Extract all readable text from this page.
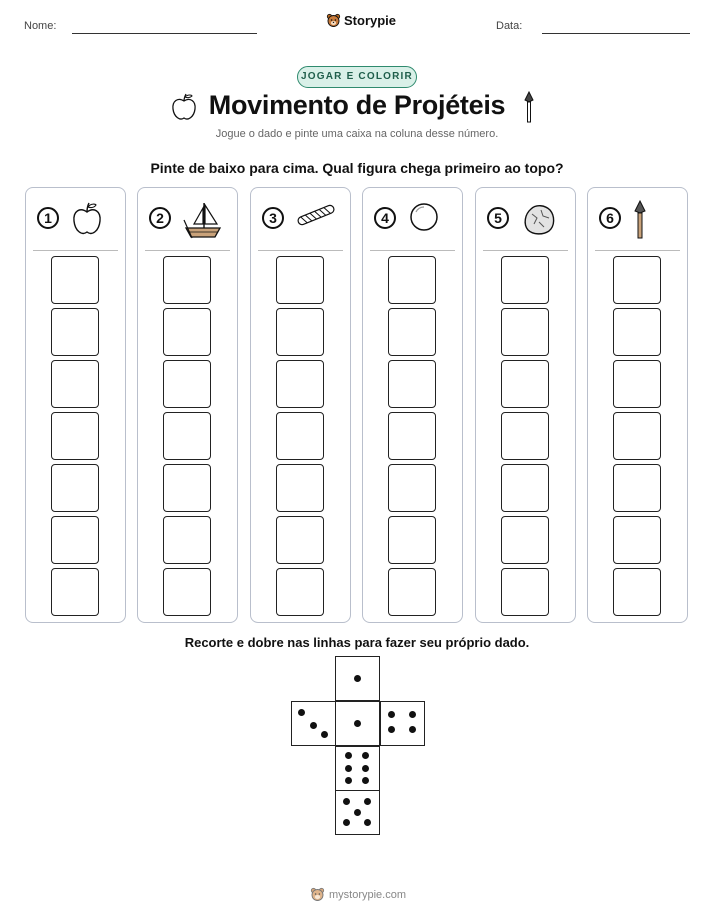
Nome:	Storypie	Data:
JOGAR E COLORIR
Movimento de Projéteis
Jogue o dado e pinte uma caixa na coluna desse número.
Pinte de baixo para cima. Qual figura chega primeiro ao topo?
1	2	3	4	5	6
Recorte e dobre nas linhas para fazer seu próprio dado.
mystorypie.com
